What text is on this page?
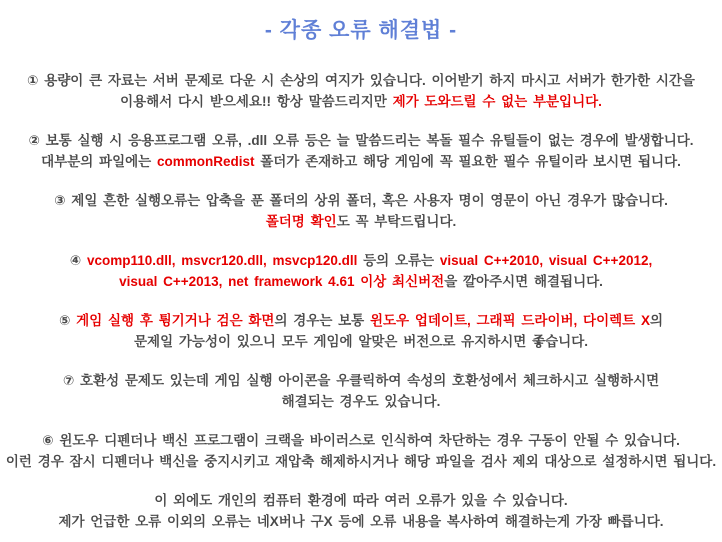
- 각종 오류 해결법 -

① 용량이 큰 자료는 서버 문제로 다운 시 손상의 여지가 있습니다. 이어받기 하지 마시고 서버가 한가한 시간을
이용해서 다시 받으세요!! 항상 말씀드리지만 제가 도와드릴 수 없는 부분입니다.

② 보통 실행 시 응용프로그램 오류, .dll 오류 등은 늘 말씀드리는 복돌 필수 유틸들이 없는 경우에 발생합니다.
대부분의 파일에는 commonRedist 폴더가 존재하고 해당 게임에 꼭 필요한 필수 유틸이라 보시면 됩니다.

③ 제일 흔한 실행오류는 압축을 푼 폴더의 상위 폴더, 혹은 사용자 명이 영문이 아닌 경우가 많습니다.
폴더명 확인도 꼭 부탁드립니다.

④ vcomp110.dll, msvcr120.dll, msvcp120.dll 등의 오류는 visual C++2010, visual C++2012,
visual C++2013, net framework 4.61 이상 최신버전을 깔아주시면 해결됩니다.

⑤ 게임 실행 후 튕기거나 검은 화면의 경우는 보통 윈도우 업데이트, 그래픽 드라이버, 다이렉트 X의
문제일 가능성이 있으니 모두 게임에 알맞은 버전으로 유지하시면 좋습니다.

⑦ 호환성 문제도 있는데 게임 실행 아이콘을 우클릭하여 속성의 호환성에서 체크하시고 실행하시면
해결되는 경우도 있습니다.

⑥ 윈도우 디펜더나 백신 프로그램이 크랙을 바이러스로 인식하여 차단하는 경우 구동이 안될 수 있습니다.
이런 경우 잠시 디펜더나 백신을 중지시키고 재압축 해제하시거나 해당 파일을 검사 제외 대상으로 설정하시면 됩니다.

이 외에도 개인의 컴퓨터 환경에 따라 여러 오류가 있을 수 있습니다.
제가 언급한 오류 이외의 오류는 네X버나 구X 등에 오류 내용을 복사하여 해결하는게 가장 빠릅니다.
